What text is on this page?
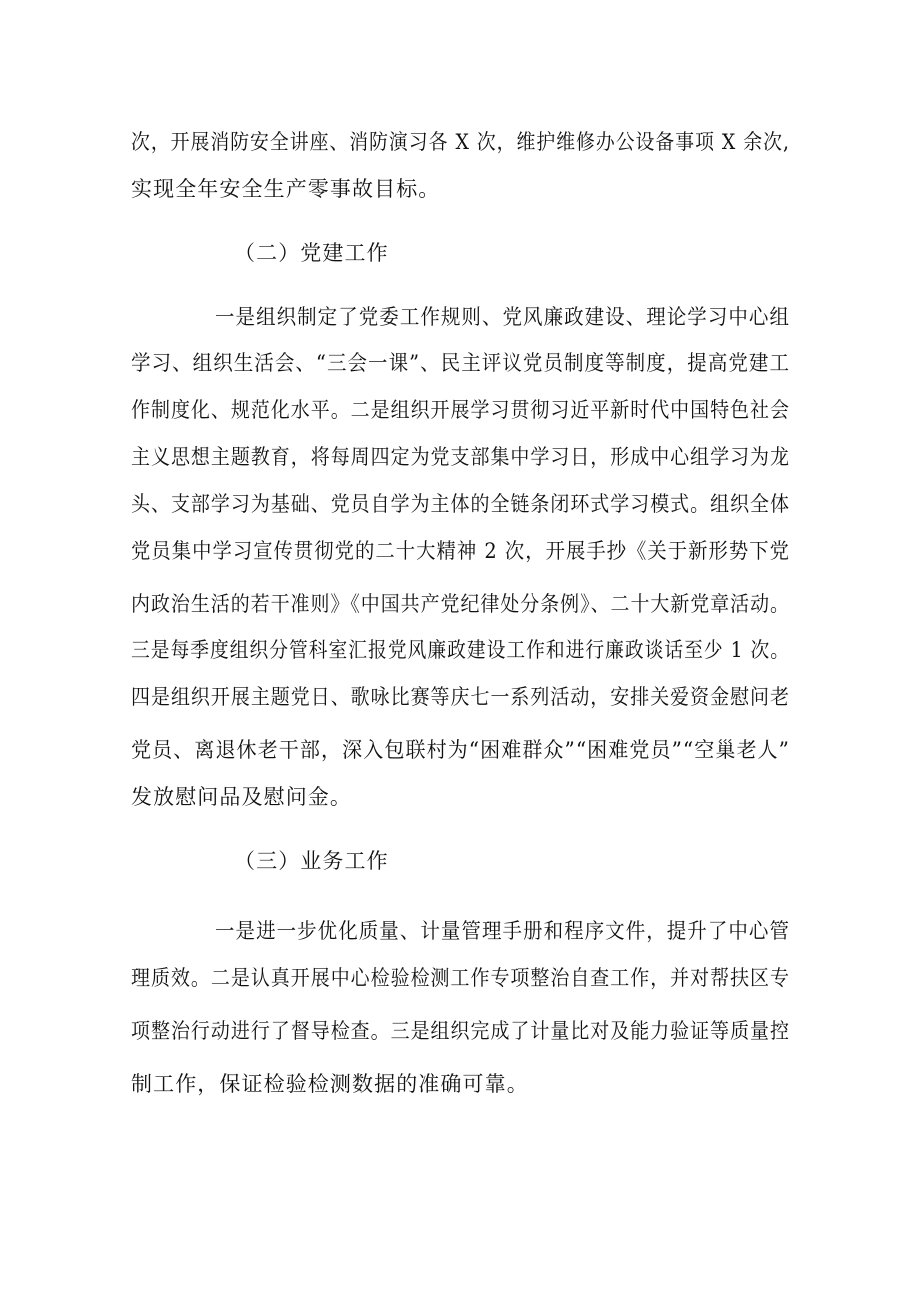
次，开展消防安全讲座、消防演习各 X 次，维护维修办公设备事项 X 余次,
实现全年安全生产零事故目标。
（二）党建工作
一是组织制定了党委工作规则、党风廉政建设、理论学习中心组
学习、组织生活会、“三会一课”、民主评议党员制度等制度，提高党建工
作制度化、规范化水平。二是组织开展学习贯彻习近平新时代中国特色社会
主义思想主题教育，将每周四定为党支部集中学习日，形成中心组学习为龙
头、支部学习为基础、党员自学为主体的全链条闭环式学习模式。组织全体
党员集中学习宣传贯彻党的二十大精神 2 次，开展手抄《关于新形势下党
内政治生活的若干准则》《中国共产党纪律处分条例》、二十大新党章活动。
三是每季度组织分管科室汇报党风廉政建设工作和进行廉政谈话至少 1 次。
四是组织开展主题党日、歌咏比赛等庆七一系列活动，安排关爱资金慰问老
党员、离退休老干部，深入包联村为“困难群众”“困难党员”“空巢老人”
发放慰问品及慰问金。
（三）业务工作
一是进一步优化质量、计量管理手册和程序文件，提升了中心管
理质效。二是认真开展中心检验检测工作专项整治自查工作，并对帮扶区专
项整治行动进行了督导检查。三是组织完成了计量比对及能力验证等质量控
制工作，保证检验检测数据的准确可靠。
